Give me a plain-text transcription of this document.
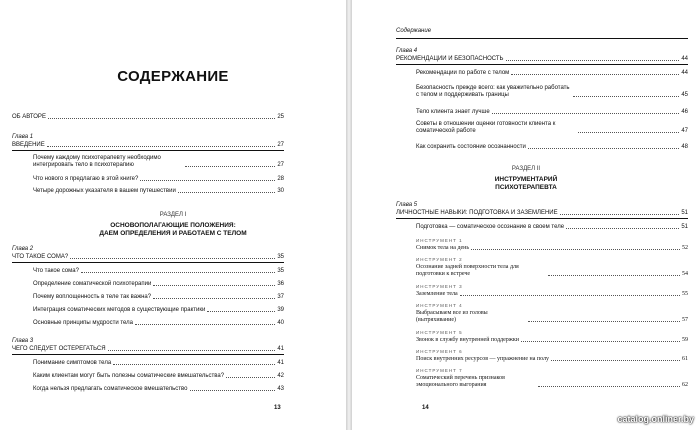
СОДЕРЖАНИЕ
ОБ АВТОРЕ	25
Глава 1
ВВЕДЕНИЕ	27
Почему каждому психотерапевту необходимо интегрировать тело в психотерапию	27
Что нового я предлагаю в этой книге?	28
Четыре дорожных указателя в вашем путешествии	30
РАЗДЕЛ I
ОСНОВОПОЛАГАЮЩИЕ ПОЛОЖЕНИЯ:
ДАЕМ ОПРЕДЕЛЕНИЯ И РАБОТАЕМ С ТЕЛОМ
Глава 2
ЧТО ТАКОЕ СОМА?	35
Что такое сома?	35
Определение соматической психотерапии	36
Почему воплощенность в теле так важна?	37
Интеграция соматических методов в существующие практики	39
Основные принципы мудрости тела	40
Глава 3
ЧЕГО СЛЕДУЕТ ОСТЕРЕГАТЬСЯ	41
Понимание симптомов тела	41
Каким клиентам могут быть полезны соматические вмешательства?	42
Когда нельзя предлагать соматическое вмешательство	43
13
Содержание
Глава 4
РЕКОМЕНДАЦИИ И БЕЗОПАСНОСТЬ	44
Рекомендации по работе с телом	44
Безопасность прежде всего: как уважительно работать с телом и поддерживать границы	45
Тело клиента знает лучше	46
Советы в отношении оценки готовности клиента к соматической работе	47
Как сохранить состояние осознанности	48
РАЗДЕЛ II
ИНСТРУМЕНТАРИЙ
ПСИХОТЕРАПЕВТА
Глава 5
ЛИЧНОСТНЫЕ НАВЫКИ: ПОДГОТОВКА И ЗАЗЕМЛЕНИЕ	51
Подготовка — соматическое осознание в своем теле	51
ИНСТРУМЕНТ 1
Снимок тела на день	52
ИНСТРУМЕНТ 2
Осознание задней поверхности тела для подготовки к встрече	54
ИНСТРУМЕНТ 3
Заземление тела	55
ИНСТРУМЕНТ 4
Выбрасываем все из головы (вытряхивание)	57
ИНСТРУМЕНТ 5
Звонок в службу внутренней поддержки	59
ИНСТРУМЕНТ 6
Поиск внутренних ресурсов — упражнение на полу	61
ИНСТРУМЕНТ 7
Соматический перечень признаков эмоционального выгорания	62
14
catalog.onliner.by
